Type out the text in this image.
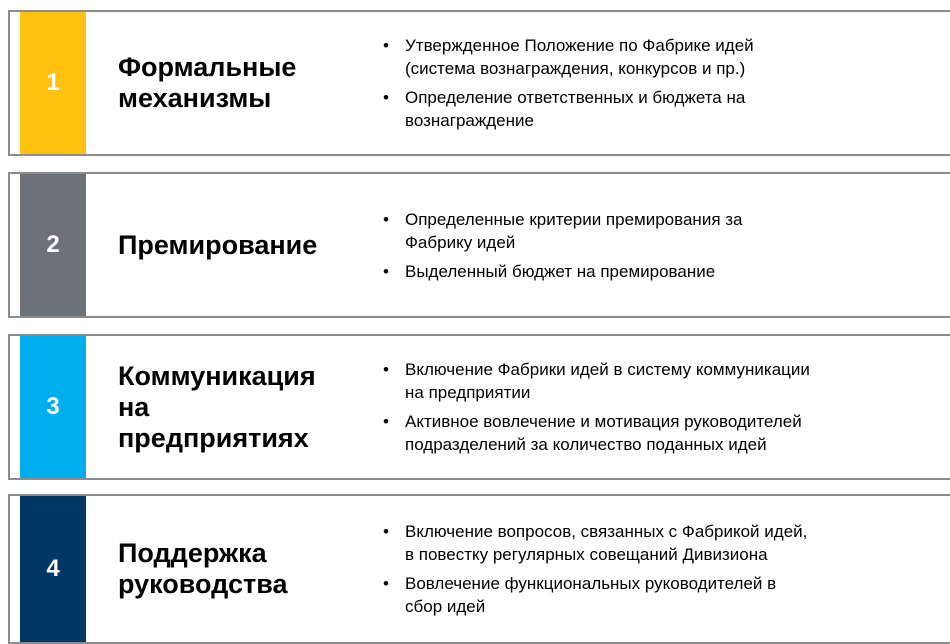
1
Формальные
механизмы
• Утвержденное Положение по Фабрике идей
(система вознаграждения, конкурсов и пр.)
• Определение ответственных и бюджета на
вознаграждение
2 Премирование
• Определенные критерии премирования за
Фабрику идей
• Выделенный бюджет на премирование
3
Коммуникация
на
предприятиях
• Включение Фабрики идей в систему коммуникации
на предприятии
• Активное вовлечение и мотивация руководителей
подразделений за количество поданных идей
4
Поддержка
руководства
• Включение вопросов, связанных с Фабрикой идей,
в повестку регулярных совещаний Дивизиона
• Вовлечение функциональных руководителей в
сбор идей
